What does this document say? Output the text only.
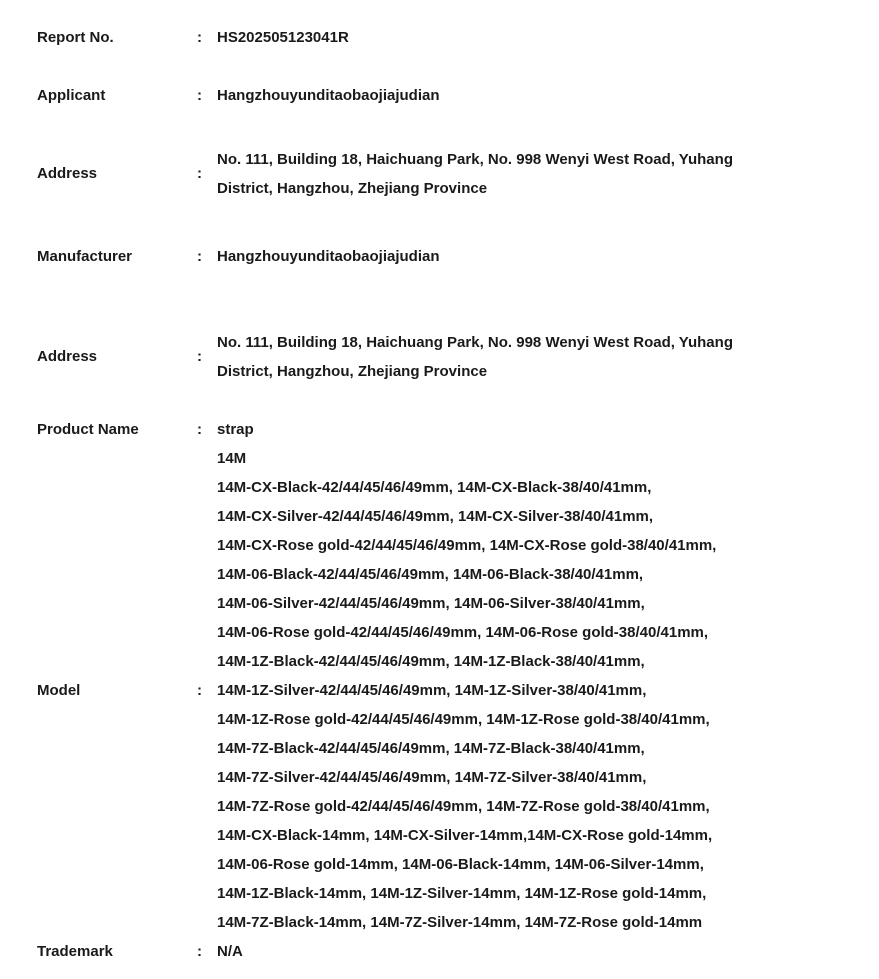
Report No.	:	HS202505123041R
Applicant	:	Hangzhouyunditaobaojiajudian
Address	:
No. 111, Building 18, Haichuang Park, No. 998 Wenyi West Road, Yuhang
District, Hangzhou, Zhejiang Province
Manufacturer	:	Hangzhouyunditaobaojiajudian
Address	:
No. 111, Building 18, Haichuang Park, No. 998 Wenyi West Road, Yuhang
District, Hangzhou, Zhejiang Province
Product Name	:	strap
Model	:
14M
14M-CX-Black-42/44/45/46/49mm, 14M-CX-Black-38/40/41mm,
14M-CX-Silver-42/44/45/46/49mm, 14M-CX-Silver-38/40/41mm,
14M-CX-Rose gold-42/44/45/46/49mm, 14M-CX-Rose gold-38/40/41mm,
14M-06-Black-42/44/45/46/49mm, 14M-06-Black-38/40/41mm,
14M-06-Silver-42/44/45/46/49mm, 14M-06-Silver-38/40/41mm,
14M-06-Rose gold-42/44/45/46/49mm, 14M-06-Rose gold-38/40/41mm,
14M-1Z-Black-42/44/45/46/49mm, 14M-1Z-Black-38/40/41mm,
14M-1Z-Silver-42/44/45/46/49mm, 14M-1Z-Silver-38/40/41mm,
14M-1Z-Rose gold-42/44/45/46/49mm, 14M-1Z-Rose gold-38/40/41mm,
14M-7Z-Black-42/44/45/46/49mm, 14M-7Z-Black-38/40/41mm,
14M-7Z-Silver-42/44/45/46/49mm, 14M-7Z-Silver-38/40/41mm,
14M-7Z-Rose gold-42/44/45/46/49mm, 14M-7Z-Rose gold-38/40/41mm,
14M-CX-Black-14mm, 14M-CX-Silver-14mm,14M-CX-Rose gold-14mm,
14M-06-Rose gold-14mm, 14M-06-Black-14mm, 14M-06-Silver-14mm,
14M-1Z-Black-14mm, 14M-1Z-Silver-14mm, 14M-1Z-Rose gold-14mm,
14M-7Z-Black-14mm, 14M-7Z-Silver-14mm, 14M-7Z-Rose gold-14mm
Trademark	:	N/A
